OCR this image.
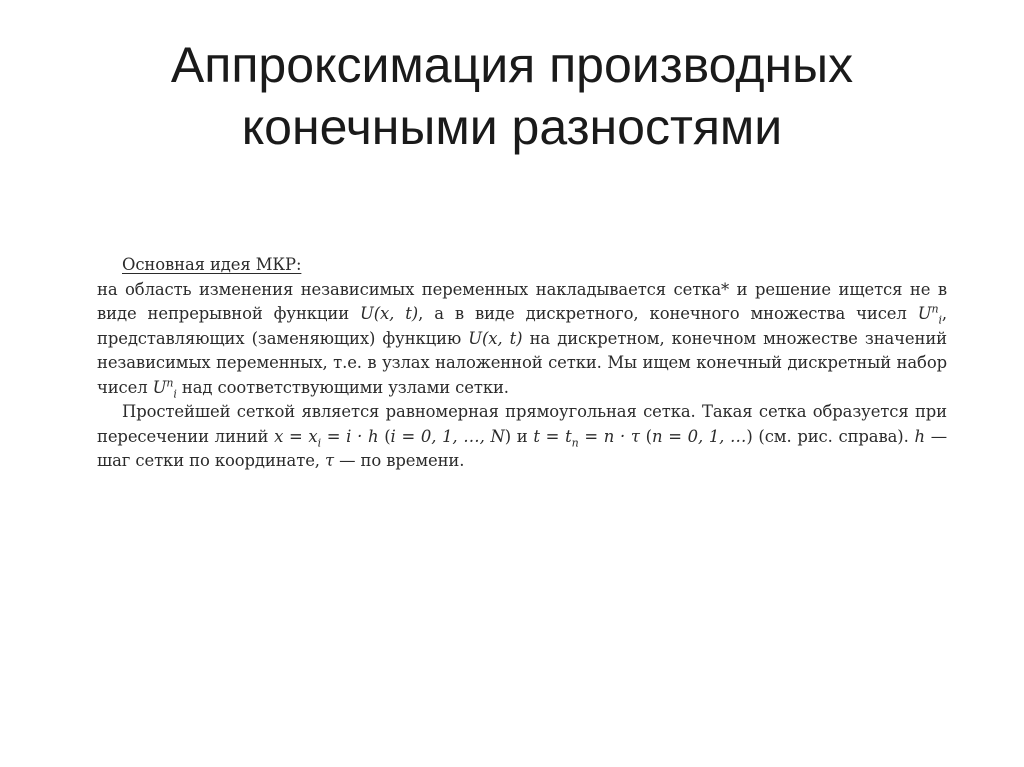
Аппроксимация производных
конечными разностями
Основная идея МКР:

на область изменения независимых переменных накладывается сетка* и решение ищется не в виде непрерывной функции U(x, t), а в виде дискретного, конечного множества чисел $U^n_i$, представляющих (заменяющих) функцию U(x, t) на дискретном, конечном множестве значений независимых переменных, т.е. в узлах наложенной сетки. Мы ищем конечный дискретный набор чисел $U^n_i$ над соответствующими узлами сетки.

Простейшей сеткой является равномерная прямоугольная сетка. Такая сетка образуется при пересечении линий $x = x_i = i \cdot h$ (i = 0, 1, …, N) и $t = t_n = n \cdot \tau$ (n = 0, 1, …) (см. рис. справа). h — шаг сетки по координате, τ — по времени.
